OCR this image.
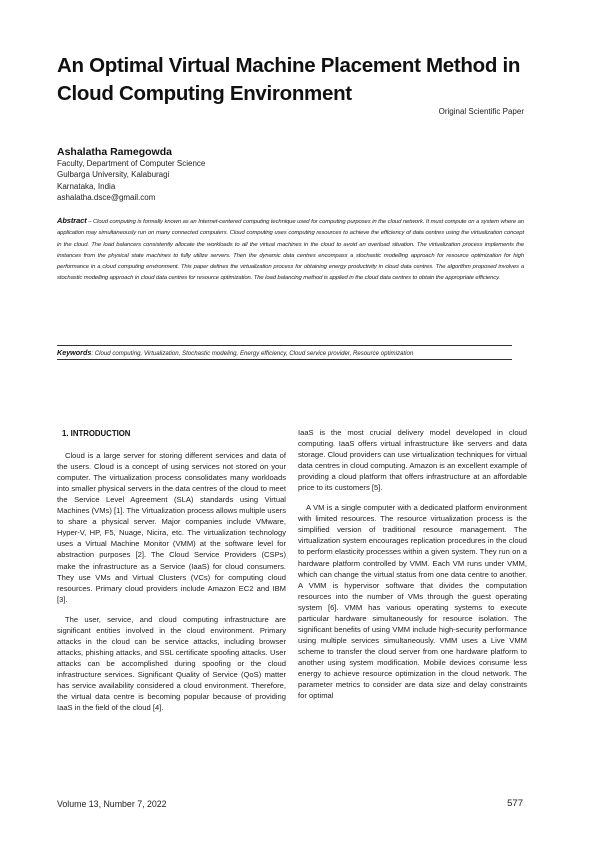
An Optimal Virtual Machine Placement Method in Cloud Computing Environment

Original Scientific Paper

Ashalatha Ramegowda

Faculty, Department of Computer Science
Gulbarga University, Kalaburagi
Karnataka, India
ashalatha.dsce@gmail.com

Abstract – Cloud computing is formally known as an Internet-centered computing technique used for computing purposes in the cloud network. It must compute on a system where an application may simultaneously run on many connected computers. Cloud computing uses computing resources to achieve the efficiency of data centres using the virtualization concept in the cloud. The load balancers consistently allocate the workloads to all the virtual machines in the cloud to avoid an overload situation. The virtualization process implements the instances from the physical state machines to fully utilize servers. Then the dynamic data centres encompass a stochastic modelling approach for resource optimization for high performance in a cloud computing environment. This paper defines the virtualization process for obtaining energy productivity in cloud data centres. The algorithm proposed involves a stochastic modelling approach in cloud data centres for resource optimization. The load balancing method is applied in the cloud data centres to obtain the appropriate efficiency.

Keywords: Cloud computing, Virtualization, Stochastic modeling, Energy efficiency, Cloud service provider, Resource optimization

1. INTRODUCTION

Cloud is a large server for storing different services and data of the users. Cloud is a concept of using services not stored on your computer. The virtualization process consolidates many workloads into smaller physical servers in the data centres of the cloud to meet the Service Level Agreement (SLA) standards using Virtual Machines (VMs) [1]. The Virtualization process allows multiple users to share a physical server. Major companies include VMware, Hyper-V, HP, F5, Nuage, Nicira, etc. The virtualization technology uses a Virtual Machine Monitor (VMM) at the software level for abstraction purposes [2]. The Cloud Service Providers (CSPs) make the infrastructure as a Service (IaaS) for cloud consumers. They use VMs and Virtual Clusters (VCs) for computing cloud resources. Primary cloud providers include Amazon EC2 and IBM [3].

The user, service, and cloud computing infrastructure are significant entities involved in the cloud environment. Primary attacks in the cloud can be service attacks, including browser attacks, phishing attacks, and SSL certificate spoofing attacks. User attacks can be accomplished during spoofing or the cloud infrastructure services. Significant Quality of Service (QoS) matter has service availability considered a cloud environment. Therefore, the virtual data centre is becoming popular because of providing IaaS in the field of the cloud [4].

IaaS is the most crucial delivery model developed in cloud computing. IaaS offers virtual infrastructure like servers and data storage. Cloud providers can use virtualization techniques for virtual data centres in cloud computing. Amazon is an excellent example of providing a cloud platform that offers infrastructure at an affordable price to its customers [5].

A VM is a single computer with a dedicated platform environment with limited resources. The resource virtualization process is the simplified version of traditional resource management. The virtualization system encourages replication procedures in the cloud to perform elasticity processes within a given system. They run on a hardware platform controlled by VMM. Each VM runs under VMM, which can change the virtual status from one data centre to another. A VMM is hypervisor software that divides the computation resources into the number of VMs through the guest operating system [6]. VMM has various operating systems to execute particular hardware simultaneously for resource isolation. The significant benefits of using VMM include high-security performance using multiple services simultaneously. VMM uses a Live VMM scheme to transfer the cloud server from one hardware platform to another using system modification. Mobile devices consume less energy to achieve resource optimization in the cloud network. The parameter metrics to consider are data size and delay constraints for optimal

Volume 13, Number 7, 2022	577
